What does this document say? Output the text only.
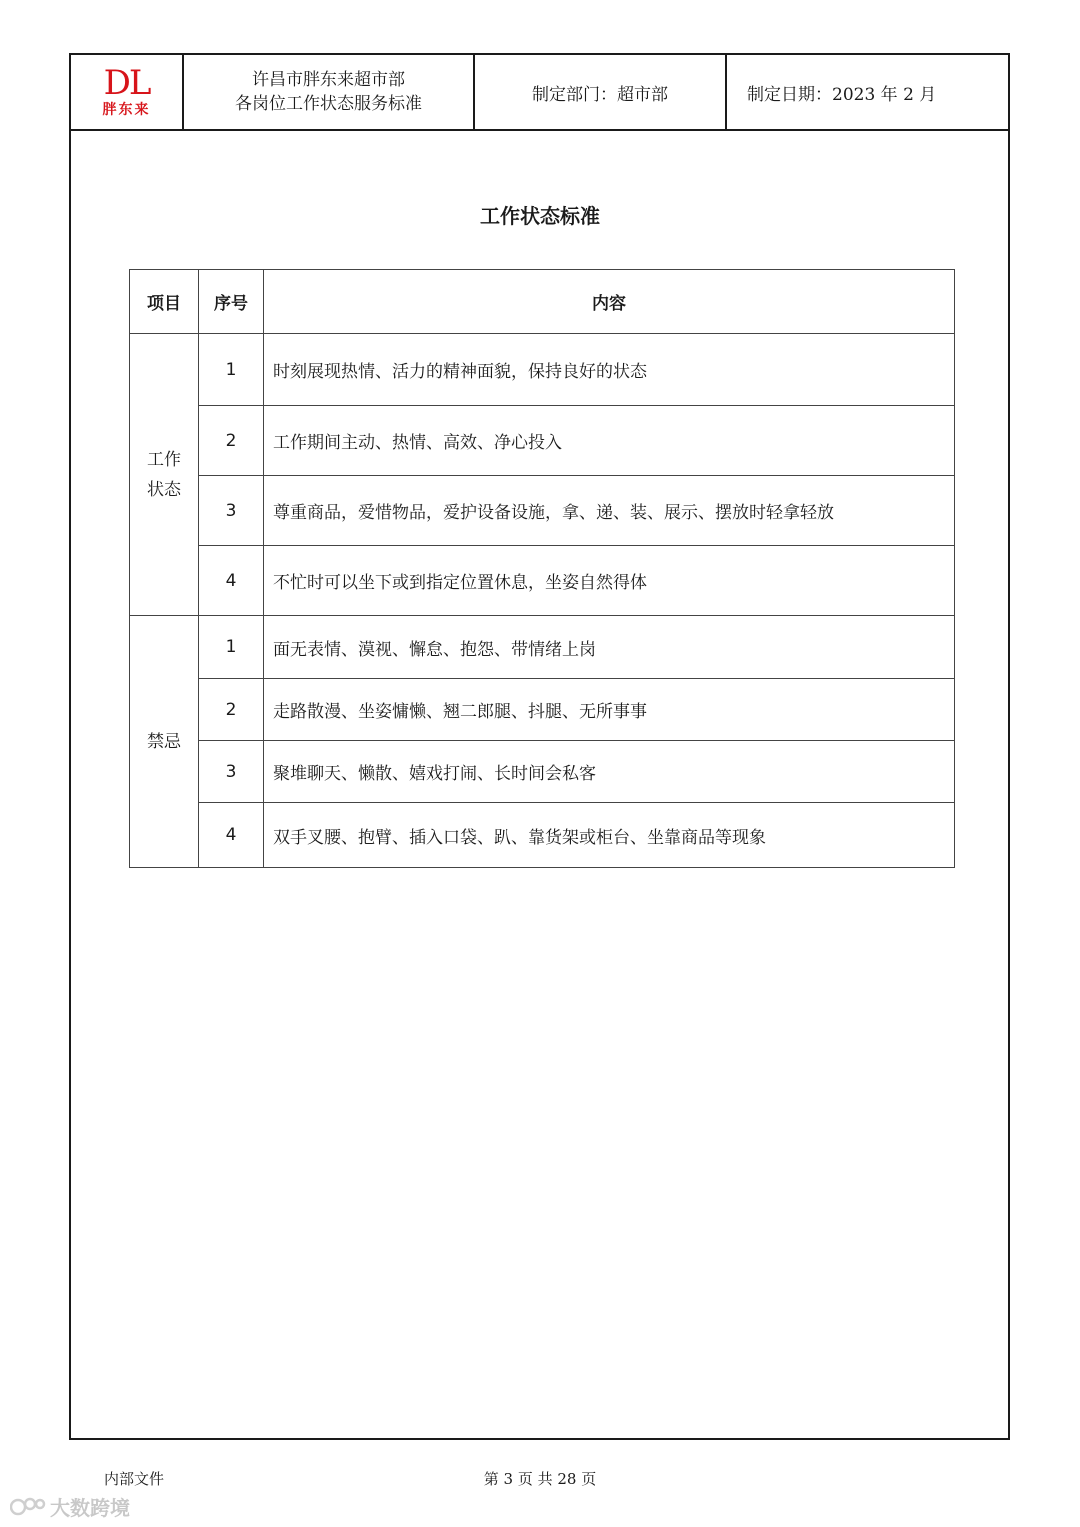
DL
胖东来
许昌市胖东来超市部
各岗位工作状态服务标准	制定部门：超市部	制定日期：2023 年 2 月
工作状态标准
项目	序号	内容

工作
状态	1	时刻展现热情、活力的精神面貌，保持良好的状态
	2	工作期间主动、热情、高效、净心投入
	3	尊重商品，爱惜物品，爱护设备设施，拿、递、装、展示、摆放时轻拿轻放
	4	不忙时可以坐下或到指定位置休息，坐姿自然得体

禁忌	1	面无表情、漠视、懈怠、抱怨、带情绪上岗
	2	走路散漫、坐姿慵懒、翘二郎腿、抖腿、无所事事
	3	聚堆聊天、懒散、嬉戏打闹、长时间会私客
	4	双手叉腰、抱臂、插入口袋、趴、靠货架或柜台、坐靠商品等现象
内部文件	第 3 页 共 28 页
大数跨境
